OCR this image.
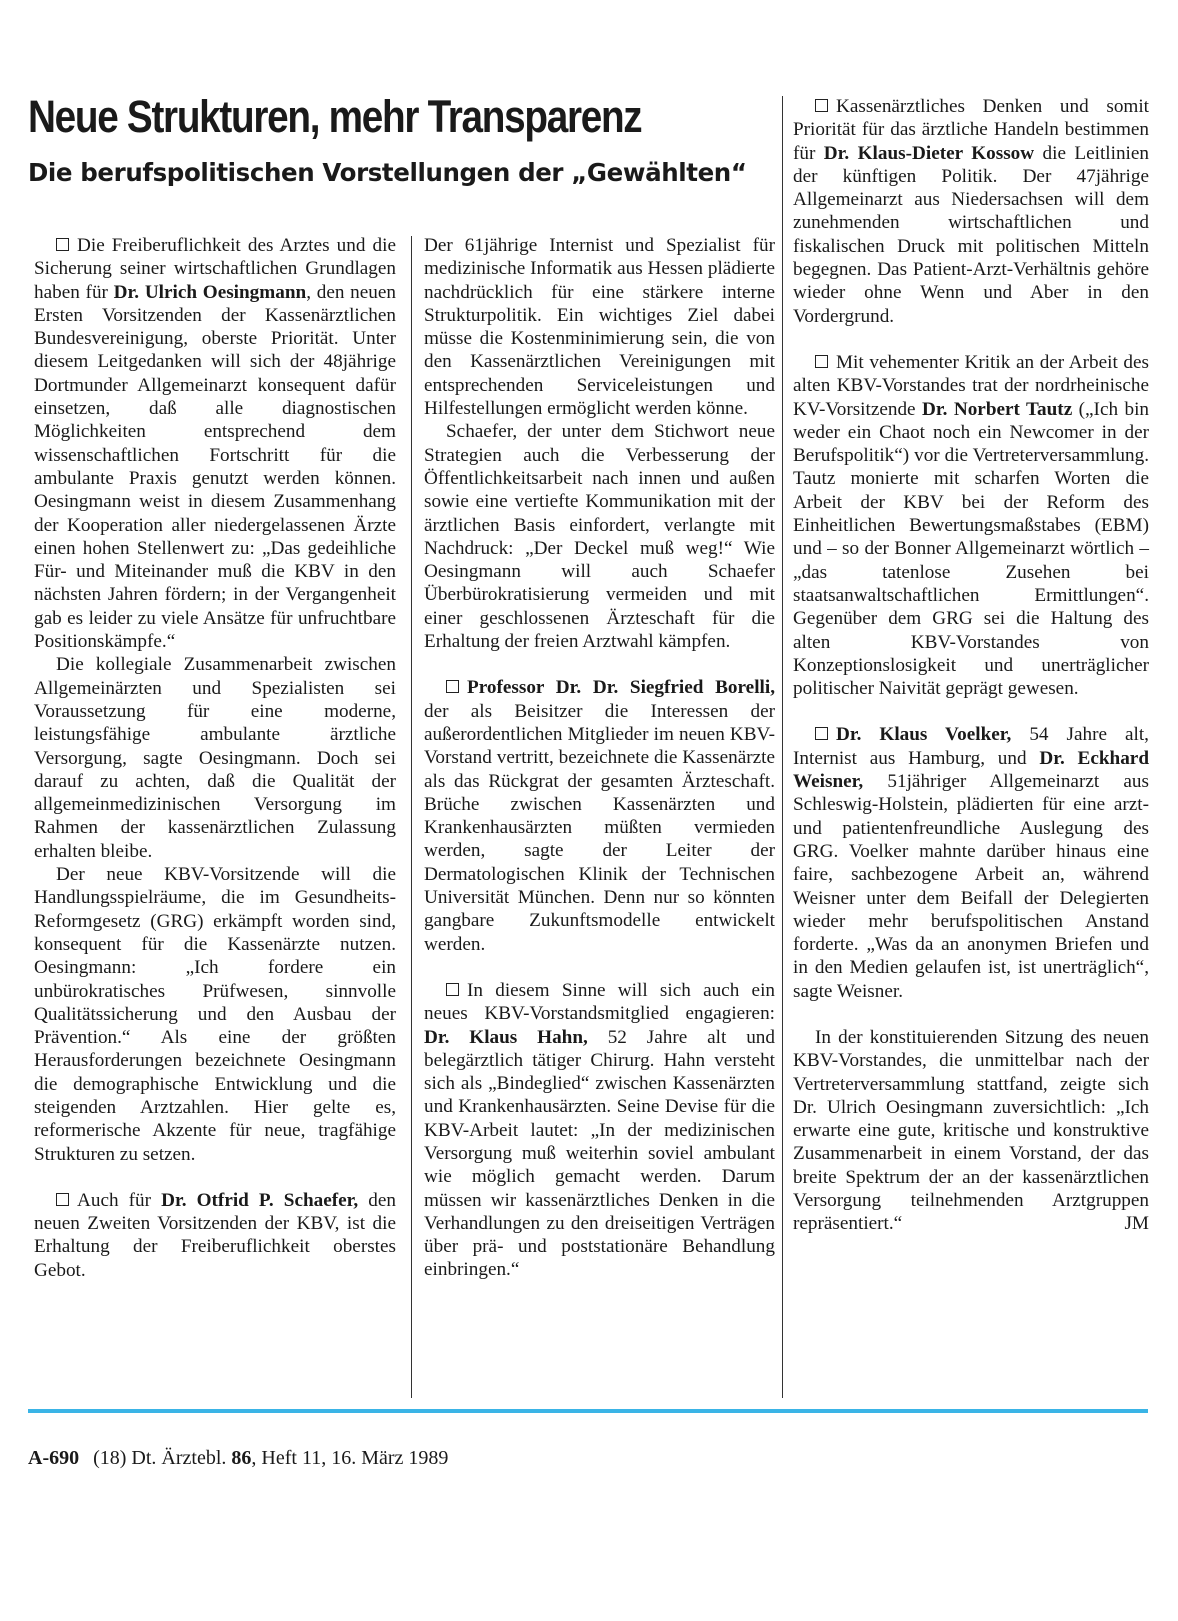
Neue Strukturen, mehr Transparenz
Die berufspolitischen Vorstellungen der „Gewählten“

Die Freiberuflichkeit des Arztes und die Sicherung seiner wirtschaftlichen Grundlagen haben für Dr. Ulrich Oesingmann, den neuen Ersten Vorsitzenden der Kassenärztlichen Bundesvereinigung, oberste Priorität. Unter diesem Leitgedanken will sich der 48jährige Dortmunder Allgemeinarzt konsequent dafür einsetzen, daß alle diagnostischen Möglichkeiten entsprechend dem wissenschaftlichen Fortschritt für die ambulante Praxis genutzt werden können. Oesingmann weist in diesem Zusammenhang der Kooperation aller niedergelassenen Ärzte einen hohen Stellenwert zu: „Das gedeihliche Für- und Miteinander muß die KBV in den nächsten Jahren fördern; in der Vergangenheit gab es leider zu viele Ansätze für unfruchtbare Positionskämpfe.“

Die kollegiale Zusammenarbeit zwischen Allgemeinärzten und Spezialisten sei Voraussetzung für eine moderne, leistungsfähige ambulante ärztliche Versorgung, sagte Oesingmann. Doch sei darauf zu achten, daß die Qualität der allgemeinmedizinischen Versorgung im Rahmen der kassenärztlichen Zulassung erhalten bleibe.

Der neue KBV-Vorsitzende will die Handlungsspielräume, die im Gesundheits-Reformgesetz (GRG) erkämpft worden sind, konsequent für die Kassenärzte nutzen. Oesingmann: „Ich fordere ein unbürokratisches Prüfwesen, sinnvolle Qualitätssicherung und den Ausbau der Prävention.“ Als eine der größten Herausforderungen bezeichnete Oesingmann die demographische Entwicklung und die steigenden Arztzahlen. Hier gelte es, reformerische Akzente für neue, tragfähige Strukturen zu setzen.

Auch für Dr. Otfrid P. Schaefer, den neuen Zweiten Vorsitzenden der KBV, ist die Erhaltung der Freiberuflichkeit oberstes Gebot.

Der 61jährige Internist und Spezialist für medizinische Informatik aus Hessen plädierte nachdrücklich für eine stärkere interne Strukturpolitik. Ein wichtiges Ziel dabei müsse die Kostenminimierung sein, die von den Kassenärztlichen Vereinigungen mit entsprechenden Serviceleistungen und Hilfestellungen ermöglicht werden könne.

Schaefer, der unter dem Stichwort neue Strategien auch die Verbesserung der Öffentlichkeitsarbeit nach innen und außen sowie eine vertiefte Kommunikation mit der ärztlichen Basis einfordert, verlangte mit Nachdruck: „Der Deckel muß weg!“ Wie Oesingmann will auch Schaefer Überbürokratisierung vermeiden und mit einer geschlossenen Ärzteschaft für die Erhaltung der freien Arztwahl kämpfen.

Professor Dr. Dr. Siegfried Borelli, der als Beisitzer die Interessen der außerordentlichen Mitglieder im neuen KBV-Vorstand vertritt, bezeichnete die Kassenärzte als das Rückgrat der gesamten Ärzteschaft. Brüche zwischen Kassenärzten und Krankenhausärzten müßten vermieden werden, sagte der Leiter der Dermatologischen Klinik der Technischen Universität München. Denn nur so könnten gangbare Zukunftsmodelle entwickelt werden.

In diesem Sinne will sich auch ein neues KBV-Vorstandsmitglied engagieren: Dr. Klaus Hahn, 52 Jahre alt und belegärztlich tätiger Chirurg. Hahn versteht sich als „Bindeglied“ zwischen Kassenärzten und Krankenhausärzten. Seine Devise für die KBV-Arbeit lautet: „In der medizinischen Versorgung muß weiterhin soviel ambulant wie möglich gemacht werden. Darum müssen wir kassenärztliches Denken in die Verhandlungen zu den dreiseitigen Verträgen über prä- und poststationäre Behandlung einbringen.“

Kassenärztliches Denken und somit Priorität für das ärztliche Handeln bestimmen für Dr. Klaus-Dieter Kossow die Leitlinien der künftigen Politik. Der 47jährige Allgemeinarzt aus Niedersachsen will dem zunehmenden wirtschaftlichen und fiskalischen Druck mit politischen Mitteln begegnen. Das Patient-Arzt-Verhältnis gehöre wieder ohne Wenn und Aber in den Vordergrund.

Mit vehementer Kritik an der Arbeit des alten KBV-Vorstandes trat der nordrheinische KV-Vorsitzende Dr. Norbert Tautz („Ich bin weder ein Chaot noch ein Newcomer in der Berufspolitik“) vor die Vertreterversammlung. Tautz monierte mit scharfen Worten die Arbeit der KBV bei der Reform des Einheitlichen Bewertungsmaßstabes (EBM) und – so der Bonner Allgemeinarzt wörtlich – „das tatenlose Zusehen bei staatsanwaltschaftlichen Ermittlungen“. Gegenüber dem GRG sei die Haltung des alten KBV-Vorstandes von Konzeptionslosigkeit und unerträglicher politischer Naivität geprägt gewesen.

Dr. Klaus Voelker, 54 Jahre alt, Internist aus Hamburg, und Dr. Eckhard Weisner, 51jähriger Allgemeinarzt aus Schleswig-Holstein, plädierten für eine arzt- und patientenfreundliche Auslegung des GRG. Voelker mahnte darüber hinaus eine faire, sachbezogene Arbeit an, während Weisner unter dem Beifall der Delegierten wieder mehr berufspolitischen Anstand forderte. „Was da an anonymen Briefen und in den Medien gelaufen ist, ist unerträglich“, sagte Weisner.

In der konstituierenden Sitzung des neuen KBV-Vorstandes, die unmittelbar nach der Vertreterversammlung stattfand, zeigte sich Dr. Ulrich Oesingmann zuversichtlich: „Ich erwarte eine gute, kritische und konstruktive Zusammenarbeit in einem Vorstand, der das breite Spektrum der an der kassenärztlichen Versorgung teilnehmenden Arztgruppen repräsentiert.“	JM

A-690 (18) Dt. Ärztebl. 86, Heft 11, 16. März 1989
